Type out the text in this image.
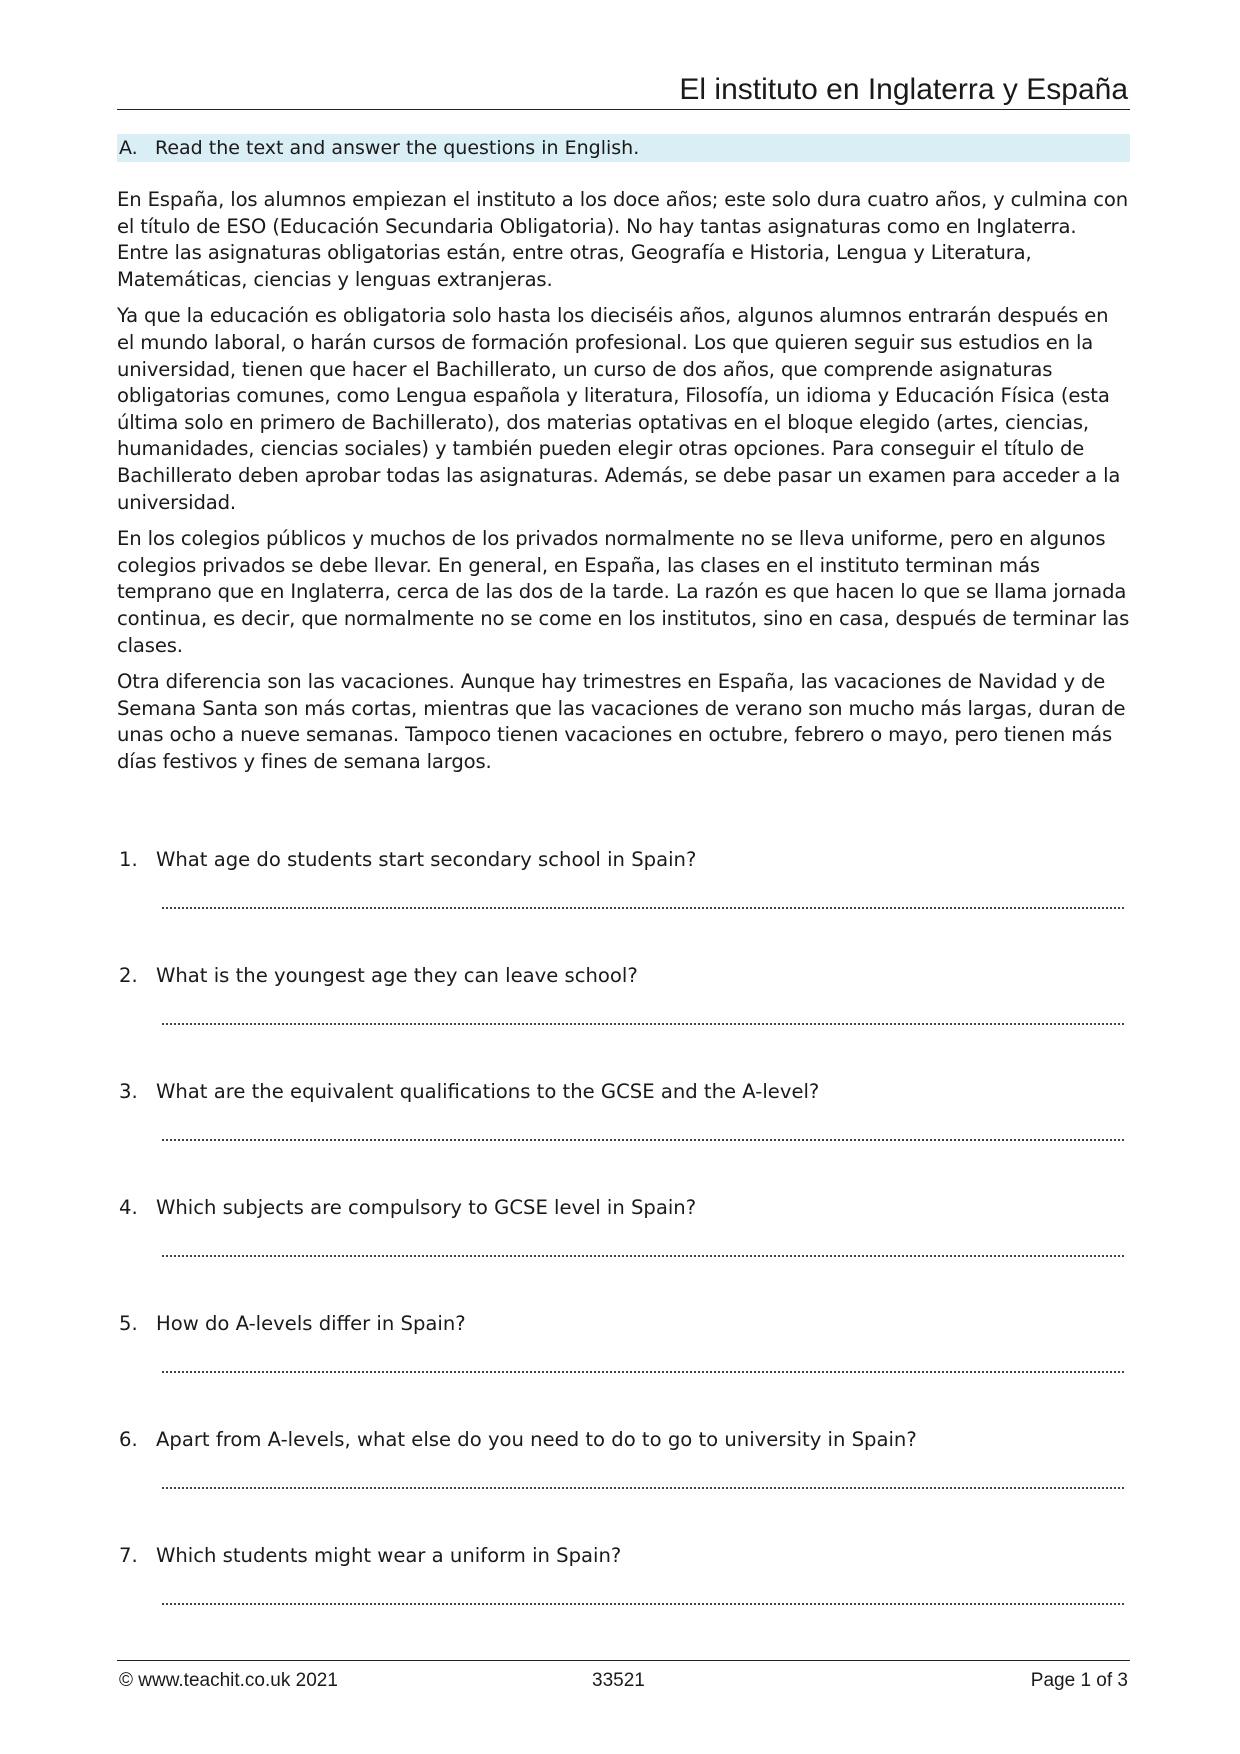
El instituto en Inglaterra y España
A. Read the text and answer the questions in English.

En España, los alumnos empiezan el instituto a los doce años; este solo dura cuatro años, y culmina con el título de ESO (Educación Secundaria Obligatoria). No hay tantas asignaturas como en Inglaterra. Entre las asignaturas obligatorias están, entre otras, Geografía e Historia, Lengua y Literatura, Matemáticas, ciencias y lenguas extranjeras.

Ya que la educación es obligatoria solo hasta los dieciséis años, algunos alumnos entrarán después en el mundo laboral, o harán cursos de formación profesional. Los que quieren seguir sus estudios en la universidad, tienen que hacer el Bachillerato, un curso de dos años, que comprende asignaturas obligatorias comunes, como Lengua española y literatura, Filosofía, un idioma y Educación Física (esta última solo en primero de Bachillerato), dos materias optativas en el bloque elegido (artes, ciencias, humanidades, ciencias sociales) y también pueden elegir otras opciones. Para conseguir el título de Bachillerato deben aprobar todas las asignaturas. Además, se debe pasar un examen para acceder a la universidad.

En los colegios públicos y muchos de los privados normalmente no se lleva uniforme, pero en algunos colegios privados se debe llevar. En general, en España, las clases en el instituto terminan más temprano que en Inglaterra, cerca de las dos de la tarde. La razón es que hacen lo que se llama jornada continua, es decir, que normalmente no se come en los institutos, sino en casa, después de terminar las clases.

Otra diferencia son las vacaciones. Aunque hay trimestres en España, las vacaciones de Navidad y de Semana Santa son más cortas, mientras que las vacaciones de verano son mucho más largas, duran de unas ocho a nueve semanas. Tampoco tienen vacaciones en octubre, febrero o mayo, pero tienen más días festivos y fines de semana largos.

1. What age do students start secondary school in Spain?
2. What is the youngest age they can leave school?
3. What are the equivalent qualifications to the GCSE and the A-level?
4. Which subjects are compulsory to GCSE level in Spain?
5. How do A-levels differ in Spain?
6. Apart from A-levels, what else do you need to do to go to university in Spain?
7. Which students might wear a uniform in Spain?
© www.teachit.co.uk 2021	33521	Page 1 of 3
